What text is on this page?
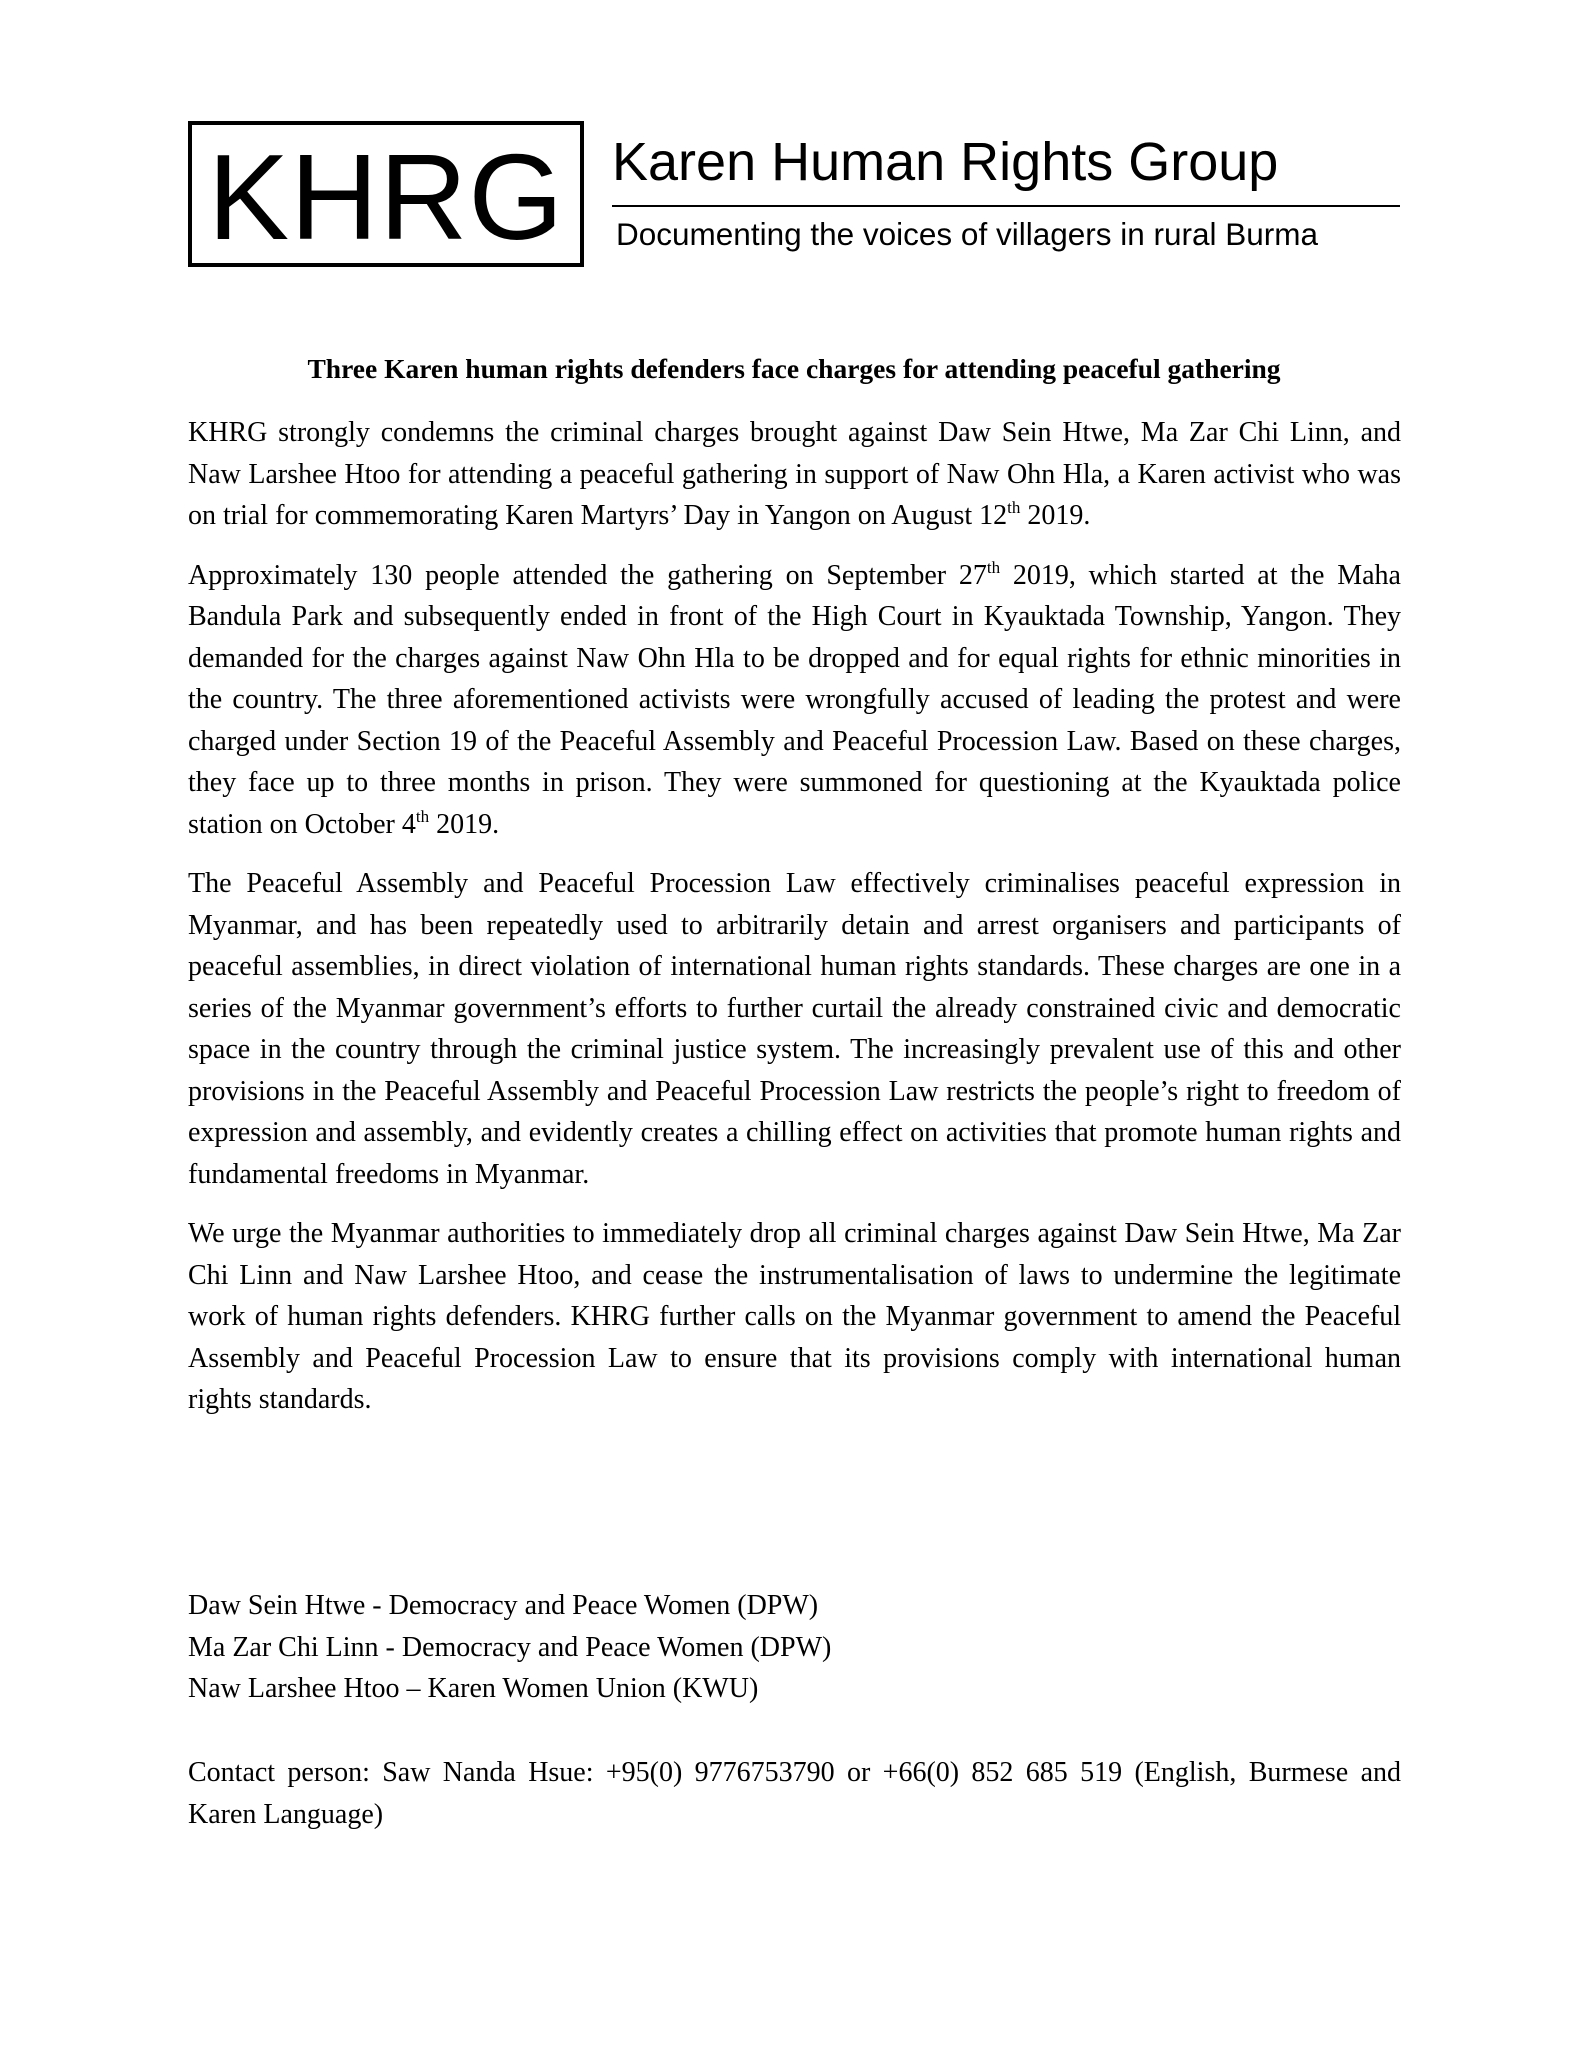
KHRG Karen Human Rights Group
Documenting the voices of villagers in rural Burma
Three Karen human rights defenders face charges for attending peaceful gathering

KHRG strongly condemns the criminal charges brought against Daw Sein Htwe, Ma Zar Chi Linn, and Naw Larshee Htoo for attending a peaceful gathering in support of Naw Ohn Hla, a Karen activist who was on trial for commemorating Karen Martyrs’ Day in Yangon on August 12th 2019.

Approximately 130 people attended the gathering on September 27th 2019, which started at the Maha Bandula Park and subsequently ended in front of the High Court in Kyauktada Township, Yangon. They demanded for the charges against Naw Ohn Hla to be dropped and for equal rights for ethnic minorities in the country. The three aforementioned activists were wrongfully accused of leading the protest and were charged under Section 19 of the Peaceful Assembly and Peaceful Procession Law. Based on these charges, they face up to three months in prison. They were summoned for questioning at the Kyauktada police station on October 4th 2019.

The Peaceful Assembly and Peaceful Procession Law effectively criminalises peaceful expression in Myanmar, and has been repeatedly used to arbitrarily detain and arrest organisers and participants of peaceful assemblies, in direct violation of international human rights standards. These charges are one in a series of the Myanmar government’s efforts to further curtail the already constrained civic and democratic space in the country through the criminal justice system. The increasingly prevalent use of this and other provisions in the Peaceful Assembly and Peaceful Procession Law restricts the people’s right to freedom of expression and assembly, and evidently creates a chilling effect on activities that promote human rights and fundamental freedoms in Myanmar.

We urge the Myanmar authorities to immediately drop all criminal charges against Daw Sein Htwe, Ma Zar Chi Linn and Naw Larshee Htoo, and cease the instrumentalisation of laws to undermine the legitimate work of human rights defenders. KHRG further calls on the Myanmar government to amend the Peaceful Assembly and Peaceful Procession Law to ensure that its provisions comply with international human rights standards.

Daw Sein Htwe - Democracy and Peace Women (DPW)
Ma Zar Chi Linn - Democracy and Peace Women (DPW)
Naw Larshee Htoo – Karen Women Union (KWU)

Contact person: Saw Nanda Hsue: +95(0) 9776753790 or +66(0) 852 685 519 (English, Burmese and Karen Language)
